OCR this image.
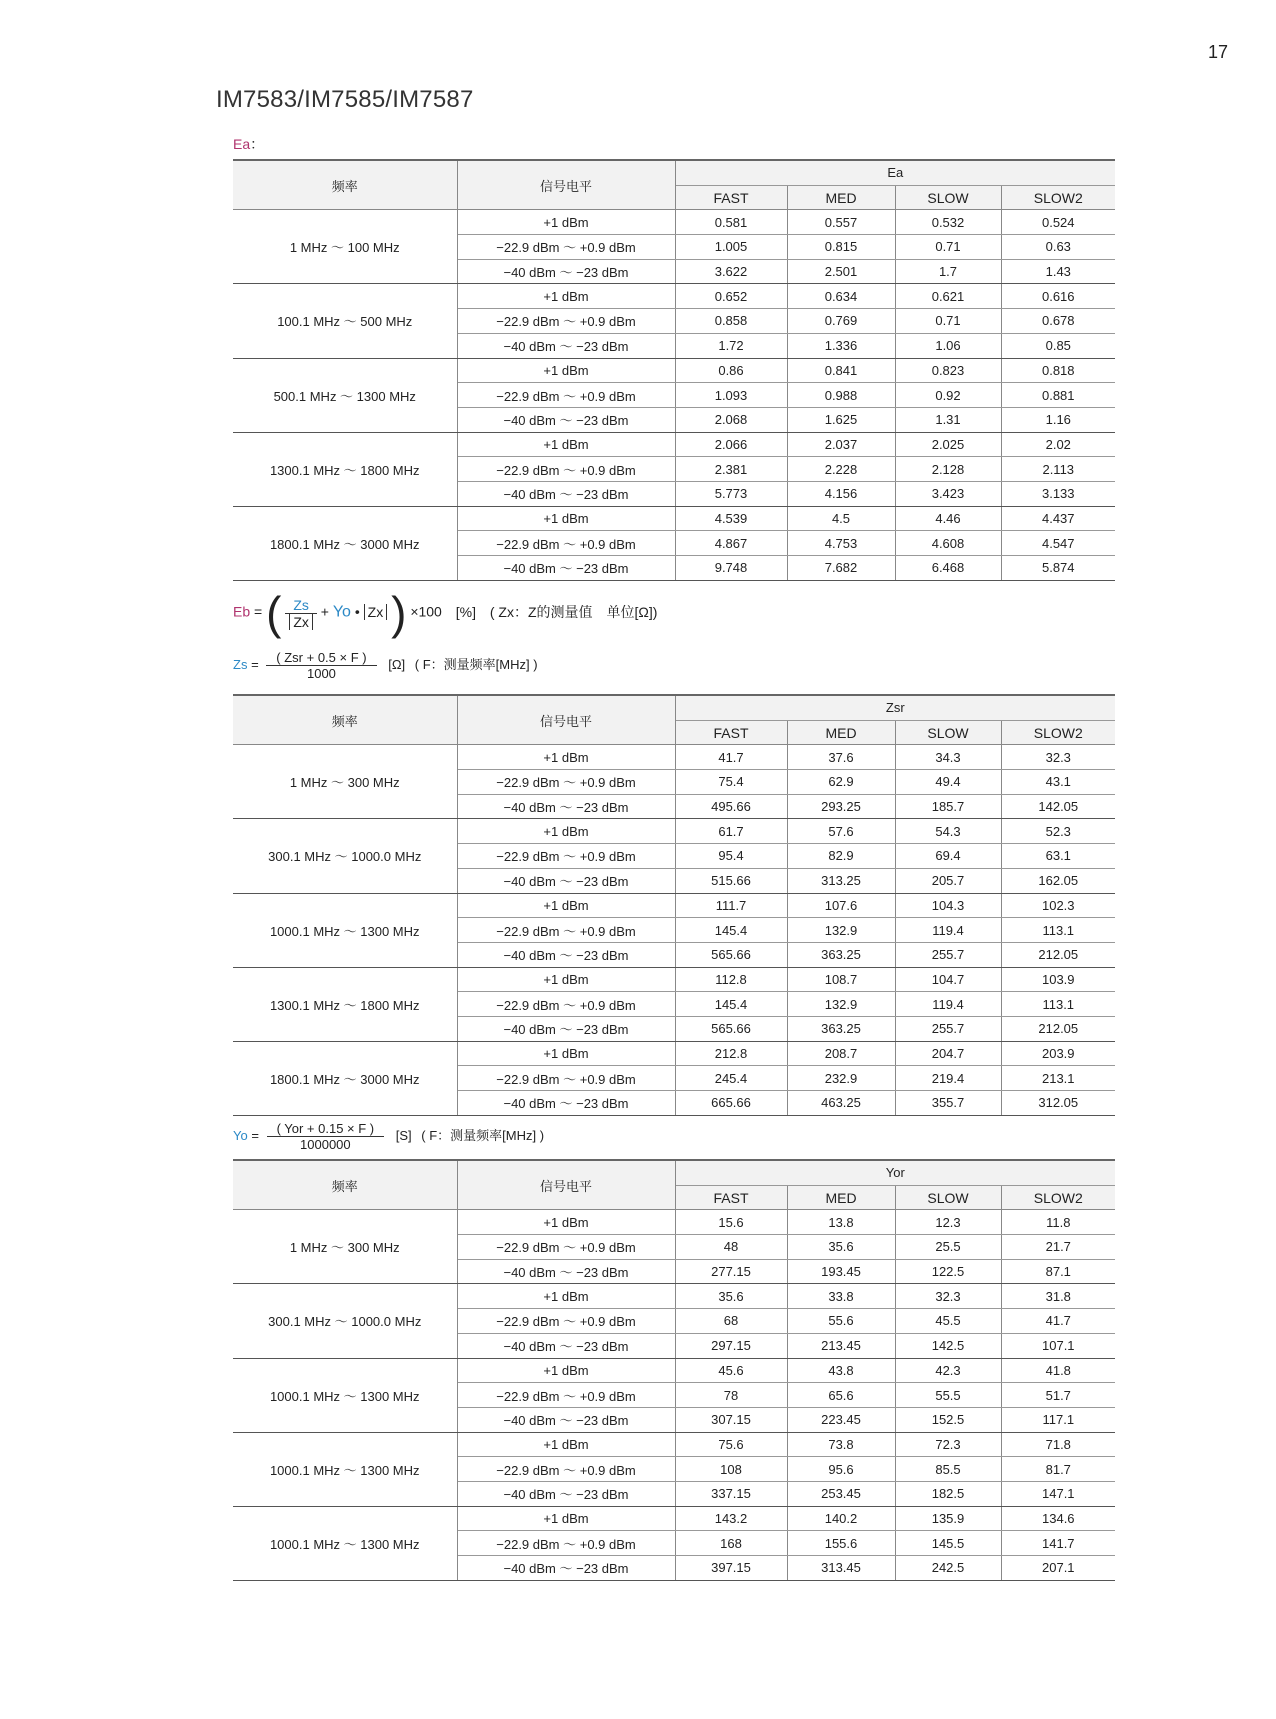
17
IM7583/IM7585/IM7587
Ea：
频率	信号电平	Ea			
		FAST	MED	SLOW	SLOW2
1 MHz ～ 100 MHz	+1 dBm	0.581	0.557	0.532	0.524
	−22.9 dBm ～ +0.9 dBm	1.005	0.815	0.71	0.63
	−40 dBm ～ −23 dBm	3.622	2.501	1.7	1.43
100.1 MHz ～ 500 MHz	+1 dBm	0.652	0.634	0.621	0.616
	−22.9 dBm ～ +0.9 dBm	0.858	0.769	0.71	0.678
	−40 dBm ～ −23 dBm	1.72	1.336	1.06	0.85
500.1 MHz ～ 1300 MHz	+1 dBm	0.86	0.841	0.823	0.818
	−22.9 dBm ～ +0.9 dBm	1.093	0.988	0.92	0.881
	−40 dBm ～ −23 dBm	2.068	1.625	1.31	1.16
1300.1 MHz ～ 1800 MHz	+1 dBm	2.066	2.037	2.025	2.02
	−22.9 dBm ～ +0.9 dBm	2.381	2.228	2.128	2.113
	−40 dBm ～ −23 dBm	5.773	4.156	3.423	3.133
1800.1 MHz ～ 3000 MHz	+1 dBm	4.539	4.5	4.46	4.437
	−22.9 dBm ～ +0.9 dBm	4.867	4.753	4.608	4.547
	−40 dBm ～ −23 dBm	9.748	7.682	6.468	5.874
Eb = ( $\frac{Zs}{Zx} + Yo$ • Zx ) ×100 [%] ( Zx：Z的测量值　单位[Ω])
$Zs = \frac{\text{( Zsr + 0.5 × F )}}{1000} [\Omega]$ ( F：测量频率[MHz] )
频率	信号电平	Zsr			
		FAST	MED	SLOW	SLOW2
1 MHz ～ 300 MHz	+1 dBm	41.7	37.6	34.3	32.3
	−22.9 dBm ～ +0.9 dBm	75.4	62.9	49.4	43.1
	−40 dBm ～ −23 dBm	495.66	293.25	185.7	142.05
300.1 MHz ～ 1000.0 MHz	+1 dBm	61.7	57.6	54.3	52.3
	−22.9 dBm ～ +0.9 dBm	95.4	82.9	69.4	63.1
	−40 dBm ～ −23 dBm	515.66	313.25	205.7	162.05
1000.1 MHz ～ 1300 MHz	+1 dBm	111.7	107.6	104.3	102.3
	−22.9 dBm ～ +0.9 dBm	145.4	132.9	119.4	113.1
	−40 dBm ～ −23 dBm	565.66	363.25	255.7	212.05
1300.1 MHz ～ 1800 MHz	+1 dBm	112.8	108.7	104.7	103.9
	−22.9 dBm ～ +0.9 dBm	145.4	132.9	119.4	113.1
	−40 dBm ～ −23 dBm	565.66	363.25	255.7	212.05
1800.1 MHz ～ 3000 MHz	+1 dBm	212.8	208.7	204.7	203.9
	−22.9 dBm ～ +0.9 dBm	245.4	232.9	219.4	213.1
	−40 dBm ～ −23 dBm	665.66	463.25	355.7	312.05
$Yo = \frac{\text{( Yor + 0.15 × F )}}{1000000} [S]$ ( F：测量频率[MHz] )
频率	信号电平	Yor			
		FAST	MED	SLOW	SLOW2
1 MHz ～ 300 MHz	+1 dBm	15.6	13.8	12.3	11.8
	−22.9 dBm ～ +0.9 dBm	48	35.6	25.5	21.7
	−40 dBm ～ −23 dBm	277.15	193.45	122.5	87.1
300.1 MHz ～ 1000.0 MHz	+1 dBm	35.6	33.8	32.3	31.8
	−22.9 dBm ～ +0.9 dBm	68	55.6	45.5	41.7
	−40 dBm ～ −23 dBm	297.15	213.45	142.5	107.1
1000.1 MHz ～ 1300 MHz	+1 dBm	45.6	43.8	42.3	41.8
	−22.9 dBm ～ +0.9 dBm	78	65.6	55.5	51.7
	−40 dBm ～ −23 dBm	307.15	223.45	152.5	117.1
1000.1 MHz ～ 1300 MHz	+1 dBm	75.6	73.8	72.3	71.8
	−22.9 dBm ～ +0.9 dBm	108	95.6	85.5	81.7
	−40 dBm ～ −23 dBm	337.15	253.45	182.5	147.1
1000.1 MHz ～ 1300 MHz	+1 dBm	143.2	140.2	135.9	134.6
	−22.9 dBm ～ +0.9 dBm	168	155.6	145.5	141.7
	−40 dBm ～ −23 dBm	397.15	313.45	242.5	207.1
